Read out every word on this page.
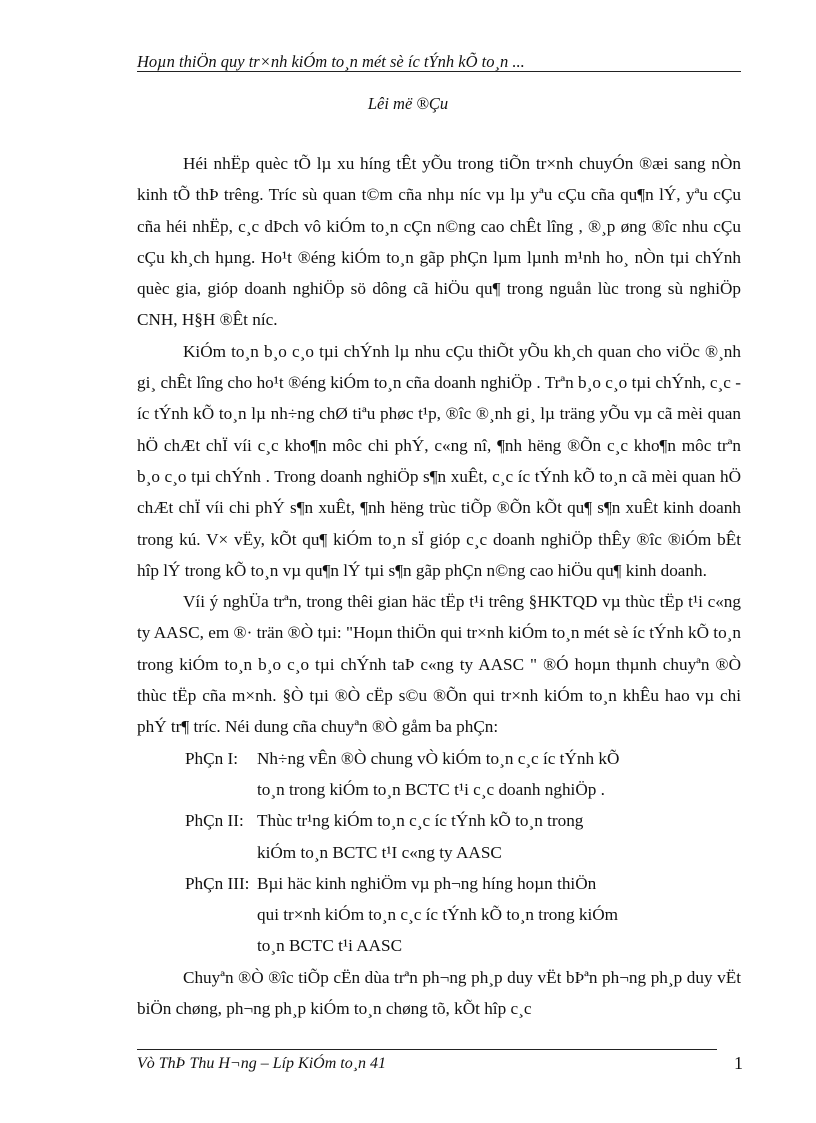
Hoµn thiÖn quy tr×nh kiÓm to¸n mét sè íc tÝnh kÕ to¸n ...
Lêi më ®Çu

Héi nhËp quèc tÕ lµ xu híng tÊt yÕu trong tiÕn tr×nh chuyÓn ®æi sang nÒn kinh tÕ thÞ trêng. Tríc sù quan t©m cña nhµ níc vµ lµ yªu cÇu cña qu¶n lÝ, yªu cÇu cña héi nhËp, c¸c dÞch vô kiÓm to¸n cÇn n©ng cao chÊt lîng , ®¸p øng ®îc nhu cÇu cÇu kh¸ch hµng. Ho¹t ®éng kiÓm to¸n gãp phÇn lµm lµnh m¹nh ho¸ nÒn tµi chÝnh quèc gia, gióp doanh nghiÖp sö dông cã hiÖu qu¶ trong nguån lùc trong sù nghiÖp CNH, H§H ®Êt níc.

KiÓm to¸n b¸o c¸o tµi chÝnh lµ nhu cÇu thiÕt yÕu kh¸ch quan cho viÖc ®¸nh gi¸ chÊt lîng cho ho¹t ®éng kiÓm to¸n cña doanh nghiÖp . Trªn b¸o c¸o tµi chÝnh, c¸c íc tÝnh kÕ to¸n lµ nh÷ng chØ tiªu phøc t¹p, ®îc ®¸nh gi¸ lµ träng yÕu vµ cã mèi quan hÖ chÆt chÏ víi c¸c kho¶n môc chi phÝ, c«ng nî, ¶nh hëng ®Õn c¸c kho¶n môc trªn b¸o c¸o tµi chÝnh . Trong doanh nghiÖp s¶n xuÊt, c¸c íc tÝnh kÕ to¸n cã mèi quan hÖ chÆt chÏ víi chi phÝ s¶n xuÊt, ¶nh hëng trùc tiÕp ®Õn kÕt qu¶ s¶n xuÊt kinh doanh trong kú. V× vËy, kÕt qu¶ kiÓm to¸n sÏ gióp c¸c doanh nghiÖp thÊy ®îc ®iÓm bÊt hîp lÝ trong kÕ to¸n vµ qu¶n lÝ tµi s¶n gãp phÇn n©ng cao hiÖu qu¶ kinh doanh.

Víi ý nghÜa trªn, trong thêi gian häc tËp t¹i trêng §HKTQD vµ thùc tËp t¹i c«ng ty AASC, em ®· trän ®Ò tµi: "Hoµn thiÖn qui tr×nh kiÓm to¸n mét sè íc tÝnh kÕ to¸n trong kiÓm to¸n b¸o c¸o tµi chÝnh taÞ c«ng ty AASC " ®Ó hoµn thµnh chuyªn ®Ò thùc tËp cña m×nh. §Ò tµi ®Ò cËp s©u ®Õn qui tr×nh kiÓm to¸n khÊu hao vµ chi phÝ tr¶ tríc. Néi dung cña chuyªn ®Ò gåm ba phÇn:

PhÇn I:	Nh÷ng vÊn ®Ò chung vÒ kiÓm to¸n c¸c íc tÝnh kÕ
to¸n trong kiÓm to¸n BCTC t¹i c¸c doanh nghiÖp .
PhÇn II: Thùc tr¹ng kiÓm to¸n c¸c íc tÝnh kÕ to¸n trong
kiÓm to¸n BCTC t¹I c«ng ty AASC
PhÇn III: Bµi häc kinh nghiÖm vµ ph¬ng híng hoµn thiÖn
qui tr×nh kiÓm to¸n c¸c íc tÝnh kÕ to¸n trong kiÓm
to¸n BCTC t¹i AASC

Chuyªn ®Ò ®îc tiÕp cËn dùa trªn ph¬ng ph¸p duy vËt bÞªn ph¬ng ph¸p duy vËt biÖn chøng, ph¬ng ph¸p kiÓm to¸n chøng tõ, kÕt hîp c¸c

Vò ThÞ Thu H¬ng – Líp KiÓm to¸n 41	1
